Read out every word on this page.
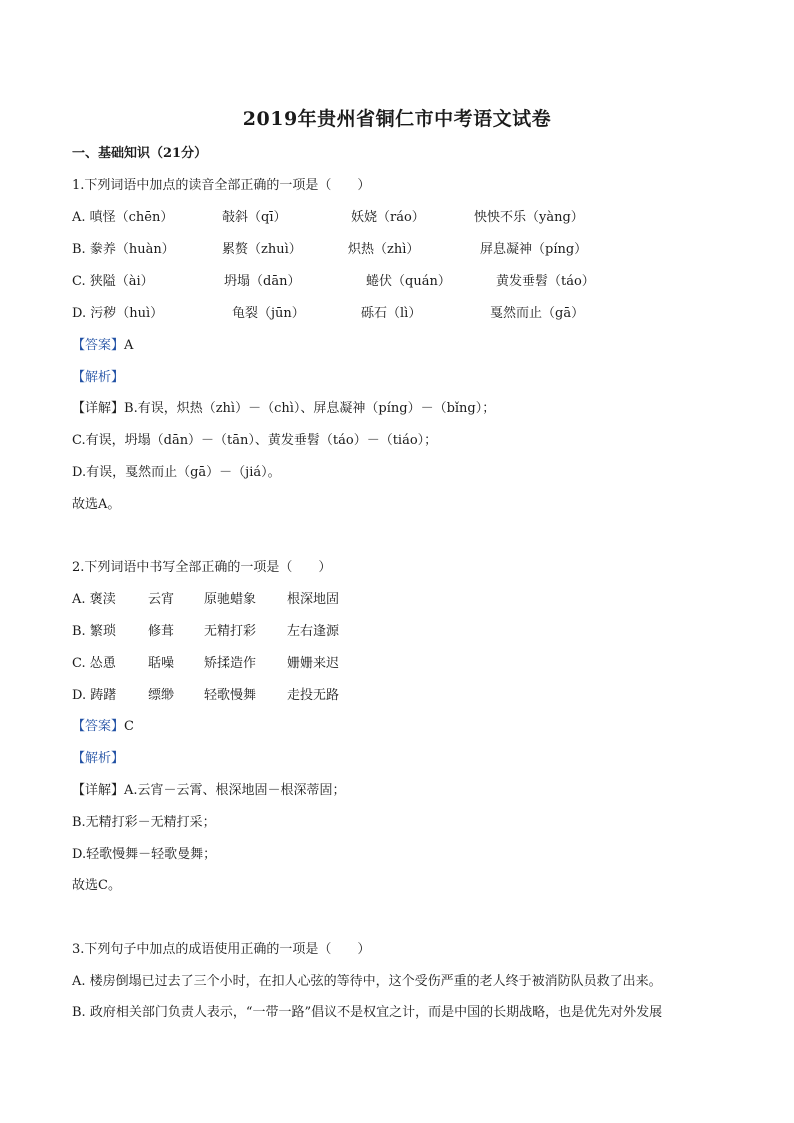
2019年贵州省铜仁市中考语文试卷
一、基础知识（21分）
1.下列词语中加点的读音全部正确的一项是（　　）
A. 嗔怪（chēn）	攲斜（qī）	妖娆（ráo）	怏怏不乐（yàng）
B. 豢养（huàn）	累赘（zhuì）	炽热（zhì）	屏息凝神（píng）
C. 狭隘（ài）	坍塌（dān）	蜷伏（quán）	黄发垂髫（táo）
D. 污秽（huì）	龟裂（jūn）	砾石（lì）	戛然而止（gā）
【答案】A
【解析】
【详解】B.有误，炽热（zhì）－（chì）、屏息凝神（píng）－（bǐng）；
C.有误，坍塌（dān）－（tān）、黄发垂髫（táo）－（tiáo）；
D.有误，戛然而止（gā）－（jiá）。
故选A。
2.下列词语中书写全部正确的一项是（　　）
A. 褒渎 云宵 原驰蜡象 根深地固
B. 繁琐 修葺 无精打彩 左右逢源
C. 怂恿 聒噪 矫揉造作 姗姗来迟
D. 踌躇 缥缈 轻歌慢舞 走投无路
【答案】C
【解析】
【详解】A.云宵－云霄、根深地固－根深蒂固；
B.无精打彩－无精打采；
D.轻歌慢舞－轻歌曼舞；
故选C。
3.下列句子中加点的成语使用正确的一项是（　　）
A. 楼房倒塌已过去了三个小时，在扣人心弦的等待中，这个受伤严重的老人终于被消防队员救了出来。
B. 政府相关部门负责人表示，“一带一路”倡议不是权宜之计，而是中国的长期战略，也是优先对外发展
